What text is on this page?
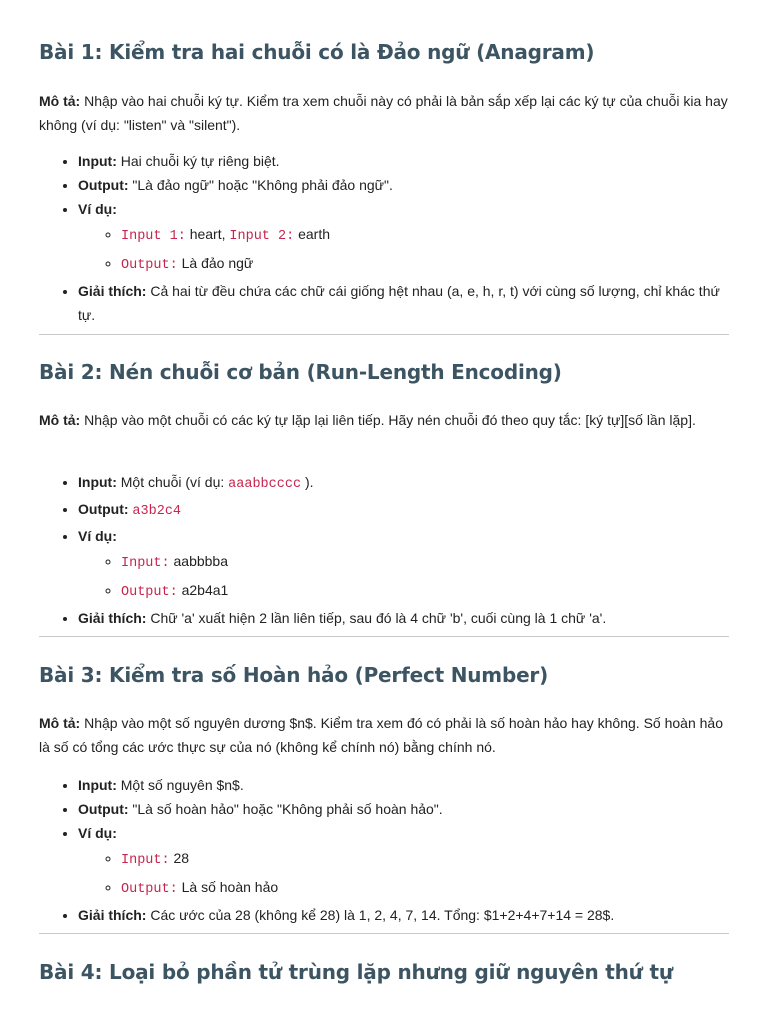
Bài 1: Kiểm tra hai chuỗi có là Đảo ngữ (Anagram)

Mô tả: Nhập vào hai chuỗi ký tự. Kiểm tra xem chuỗi này có phải là bản sắp xếp lại các ký tự của chuỗi kia hay không (ví dụ: "listen" và "silent").

• Input: Hai chuỗi ký tự riêng biệt.
• Output: "Là đảo ngữ" hoặc "Không phải đảo ngữ".
• Ví dụ:
◦ Input 1: heart, Input 2: earth
◦ Output: Là đảo ngữ
• Giải thích: Cả hai từ đều chứa các chữ cái giống hệt nhau (a, e, h, r, t) với cùng số lượng, chỉ khác thứ tự.
Bài 2: Nén chuỗi cơ bản (Run-Length Encoding)

Mô tả: Nhập vào một chuỗi có các ký tự lặp lại liên tiếp. Hãy nén chuỗi đó theo quy tắc: [ký tự][số lần lặp].

• Input: Một chuỗi (ví dụ: aaabbcccc ).
• Output: a3b2c4
• Ví dụ:
◦ Input: aabbbba
◦ Output: a2b4a1
• Giải thích: Chữ 'a' xuất hiện 2 lần liên tiếp, sau đó là 4 chữ 'b', cuối cùng là 1 chữ 'a'.
Bài 3: Kiểm tra số Hoàn hảo (Perfect Number)

Mô tả: Nhập vào một số nguyên dương $n$. Kiểm tra xem đó có phải là số hoàn hảo hay không. Số hoàn hảo là số có tổng các ước thực sự của nó (không kể chính nó) bằng chính nó.

• Input: Một số nguyên $n$.
• Output: "Là số hoàn hảo" hoặc "Không phải số hoàn hảo".
• Ví dụ:
◦ Input: 28
◦ Output: Là số hoàn hảo
• Giải thích: Các ước của 28 (không kể 28) là 1, 2, 4, 7, 14. Tổng: $1+2+4+7+14 = 28$.
Bài 4: Loại bỏ phần tử trùng lặp nhưng giữ nguyên thứ tự
